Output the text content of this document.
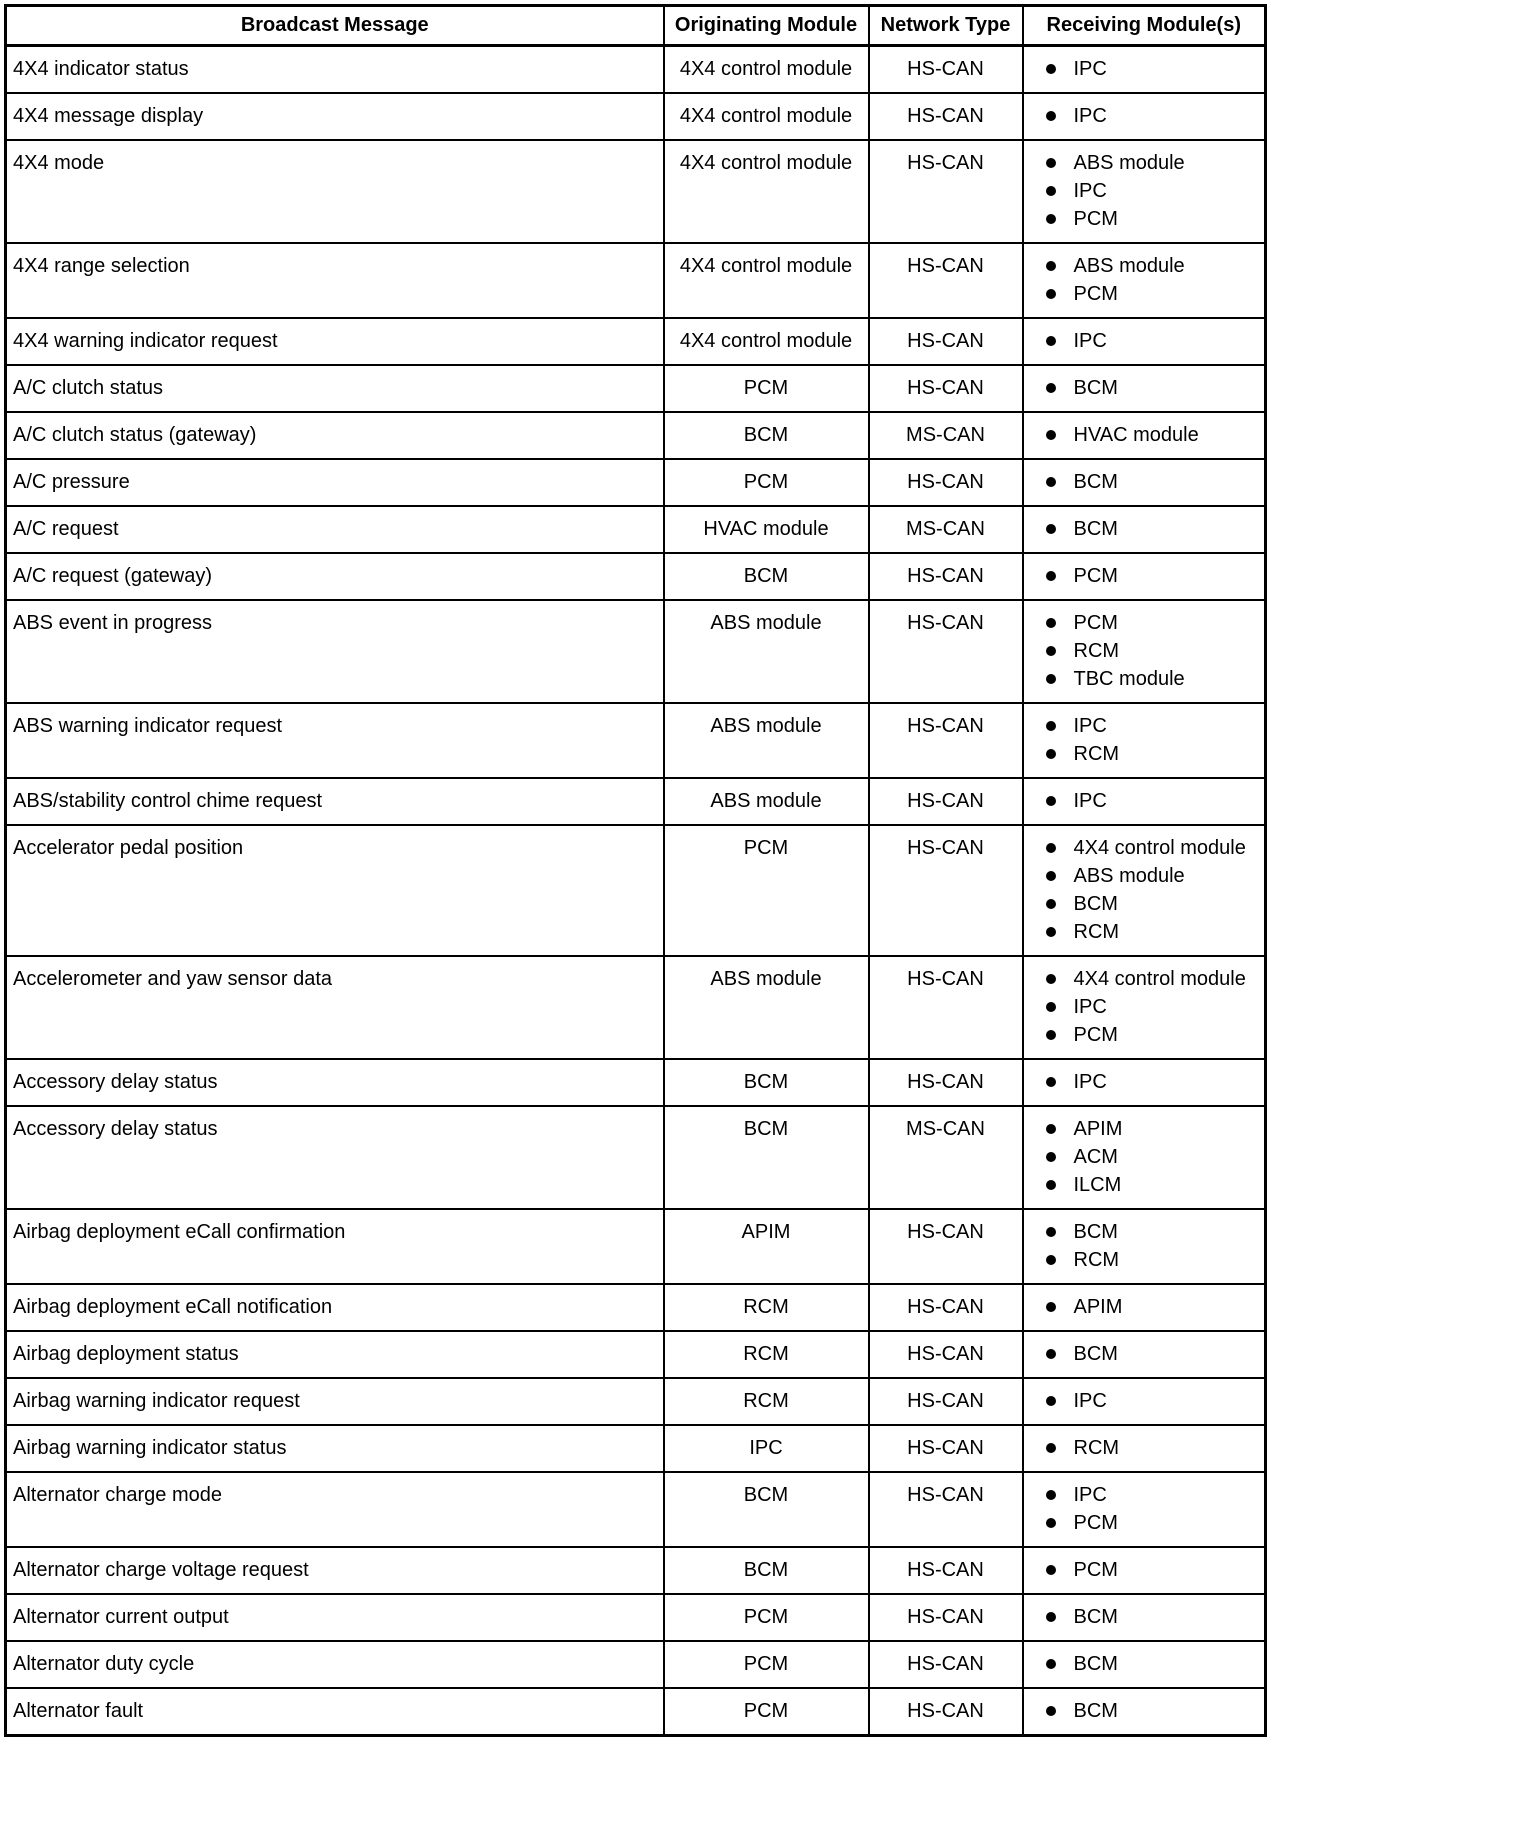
Broadcast Message	Originating Module	Network Type	Receiving Module(s)
4X4 indicator status	4X4 control module	HS-CAN	IPC

4X4 message display	4X4 control module	HS-CAN	IPC

4X4 mode	4X4 control module	HS-CAN	ABS module
IPC
PCM

4X4 range selection	4X4 control module	HS-CAN	ABS module
PCM

4X4 warning indicator request	4X4 control module	HS-CAN	IPC

A/C clutch status	PCM	HS-CAN	BCM

A/C clutch status (gateway)	BCM	MS-CAN	HVAC module

A/C pressure	PCM	HS-CAN	BCM

A/C request	HVAC module	MS-CAN	BCM

A/C request (gateway)	BCM	HS-CAN	PCM

ABS event in progress	ABS module	HS-CAN	PCM
RCM
TBC module

ABS warning indicator request	ABS module	HS-CAN	IPC
RCM

ABS/stability control chime request	ABS module	HS-CAN	IPC

Accelerator pedal position	PCM	HS-CAN	4X4 control module
ABS module
BCM
RCM

Accelerometer and yaw sensor data	ABS module	HS-CAN	4X4 control module
IPC
PCM

Accessory delay status	BCM	HS-CAN	IPC

Accessory delay status	BCM	MS-CAN	APIM
ACM
ILCM

Airbag deployment eCall confirmation	APIM	HS-CAN	BCM
RCM

Airbag deployment eCall notification	RCM	HS-CAN	APIM

Airbag deployment status	RCM	HS-CAN	BCM

Airbag warning indicator request	RCM	HS-CAN	IPC

Airbag warning indicator status	IPC	HS-CAN	RCM

Alternator charge mode	BCM	HS-CAN	IPC
PCM

Alternator charge voltage request	BCM	HS-CAN	PCM

Alternator current output	PCM	HS-CAN	BCM

Alternator duty cycle	PCM	HS-CAN	BCM

Alternator fault	PCM	HS-CAN	BCM
